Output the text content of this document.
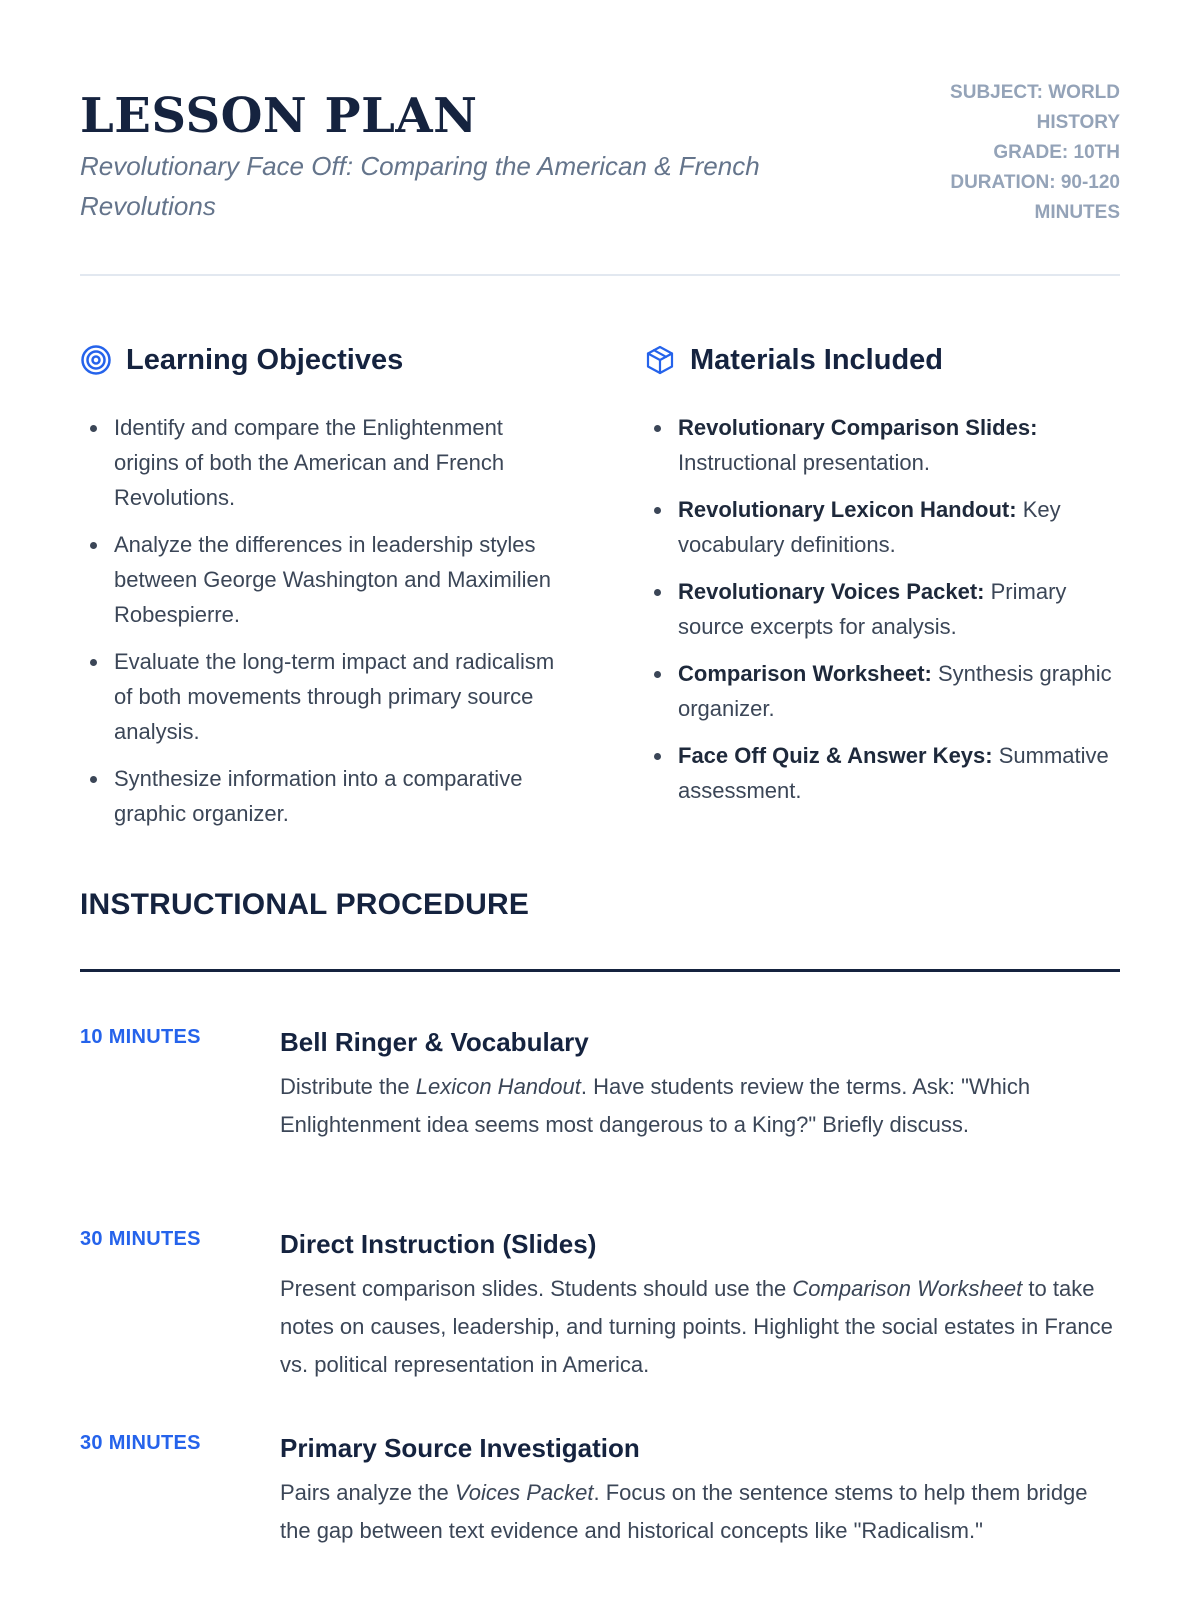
LESSON PLAN

Revolutionary Face Off: Comparing the American & French Revolutions

SUBJECT: WORLD HISTORY
GRADE: 10TH
DURATION: 90-120 MINUTES
Learning Objectives
Identify and compare the Enlightenment origins of both the American and French Revolutions.
Analyze the differences in leadership styles between George Washington and Maximilien Robespierre.
Evaluate the long-term impact and radicalism of both movements through primary source analysis.
Synthesize information into a comparative graphic organizer.
Materials Included
Revolutionary Comparison Slides: Instructional presentation.
Revolutionary Lexicon Handout: Key vocabulary definitions.
Revolutionary Voices Packet: Primary source excerpts for analysis.
Comparison Worksheet: Synthesis graphic organizer.
Face Off Quiz & Answer Keys: Summative assessment.
INSTRUCTIONAL PROCEDURE
10 MINUTES	Bell Ringer & Vocabulary

Distribute the Lexicon Handout. Have students review the terms. Ask: "Which Enlightenment idea seems most dangerous to a King?" Briefly discuss.

30 MINUTES	Direct Instruction (Slides)

Present comparison slides. Students should use the Comparison Worksheet to take notes on causes, leadership, and turning points. Highlight the social estates in France vs. political representation in America.

30 MINUTES	Primary Source Investigation

Pairs analyze the Voices Packet. Focus on the sentence stems to help them bridge the gap between text evidence and historical concepts like "Radicalism."
